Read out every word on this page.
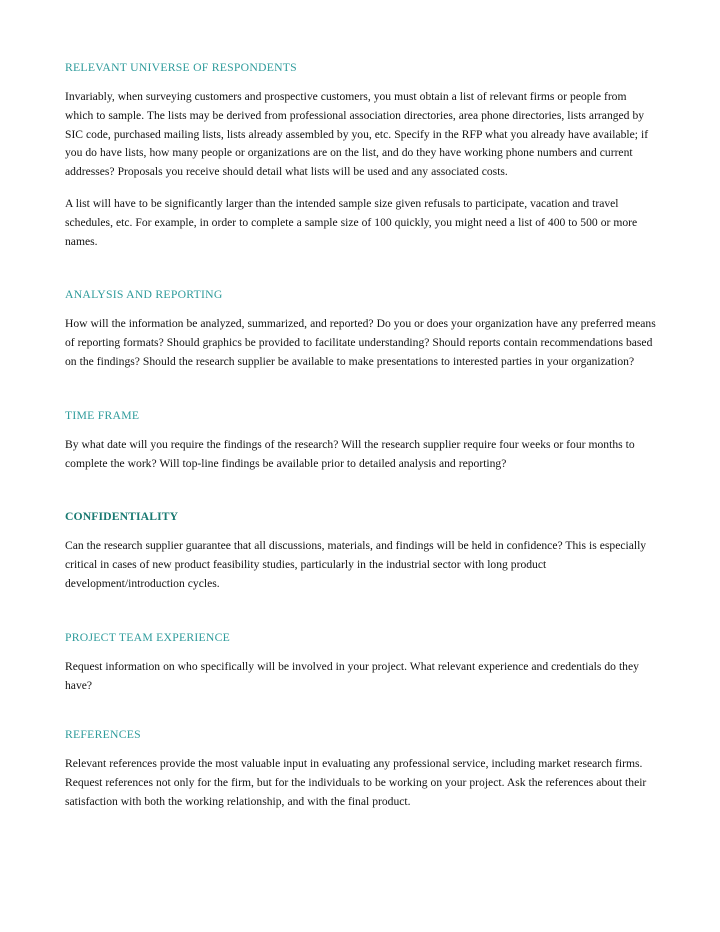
RELEVANT UNIVERSE OF RESPONDENTS

Invariably, when surveying customers and prospective customers, you must obtain a list of relevant firms or people from which to sample. The lists may be derived from professional association directories, area phone directories, lists arranged by SIC code, purchased mailing lists, lists already assembled by you, etc. Specify in the RFP what you already have available; if you do have lists, how many people or organizations are on the list, and do they have working phone numbers and current addresses? Proposals you receive should detail what lists will be used and any associated costs.

A list will have to be significantly larger than the intended sample size given refusals to participate, vacation and travel schedules, etc. For example, in order to complete a sample size of 100 quickly, you might need a list of 400 to 500 or more names.

ANALYSIS AND REPORTING

How will the information be analyzed, summarized, and reported? Do you or does your organization have any preferred means of reporting formats? Should graphics be provided to facilitate understanding? Should reports contain recommendations based on the findings? Should the research supplier be available to make presentations to interested parties in your organization?

TIME FRAME

By what date will you require the findings of the research? Will the research supplier require four weeks or four months to complete the work? Will top-line findings be available prior to detailed analysis and reporting?

CONFIDENTIALITY

Can the research supplier guarantee that all discussions, materials, and findings will be held in confidence? This is especially critical in cases of new product feasibility studies, particularly in the industrial sector with long product development/introduction cycles.

PROJECT TEAM EXPERIENCE

Request information on who specifically will be involved in your project. What relevant experience and credentials do they have?

REFERENCES

Relevant references provide the most valuable input in evaluating any professional service, including market research firms. Request references not only for the firm, but for the individuals to be working on your project. Ask the references about their satisfaction with both the working relationship, and with the final product.
